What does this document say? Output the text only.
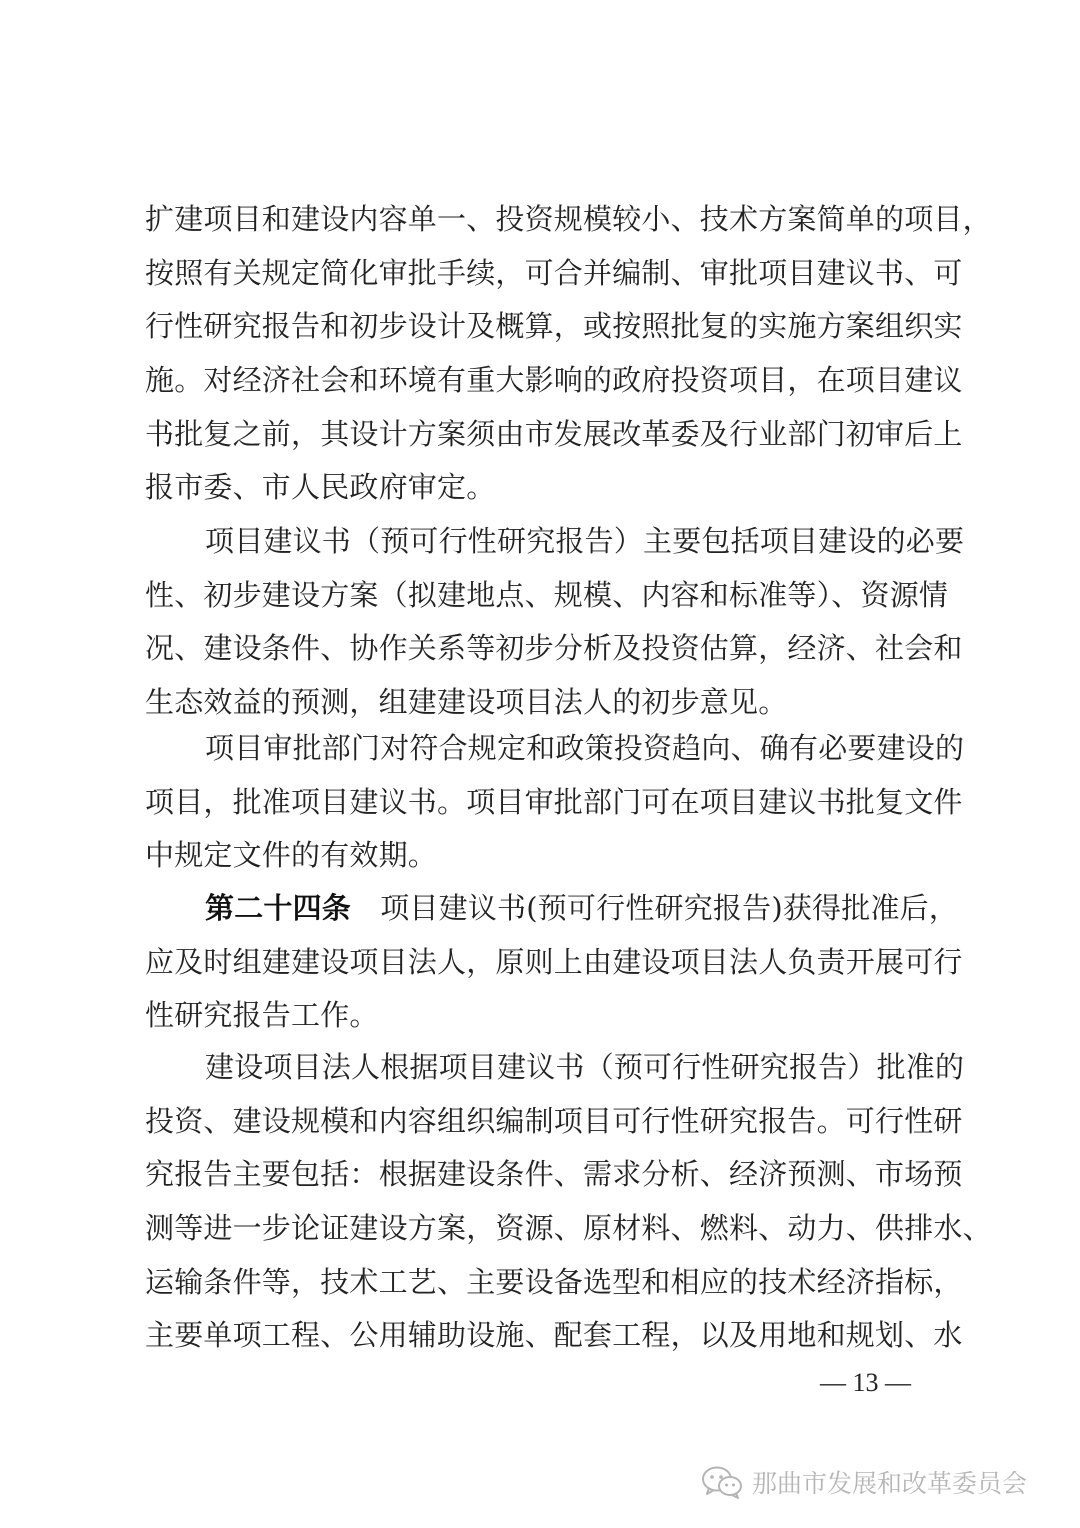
扩建项目和建设内容单一、投资规模较小、技术方案简单的项目，
按照有关规定简化审批手续，可合并编制、审批项目建议书、可
行性研究报告和初步设计及概算，或按照批复的实施方案组织实
施。对经济社会和环境有重大影响的政府投资项目，在项目建议
书批复之前，其设计方案须由市发展改革委及行业部门初审后上
报市委、市人民政府审定。
项目建议书（预可行性研究报告）主要包括项目建设的必要
性、初步建设方案（拟建地点、规模、内容和标准等）、资源情
况、建设条件、协作关系等初步分析及投资估算，经济、社会和
生态效益的预测，组建建设项目法人的初步意见。
项目审批部门对符合规定和政策投资趋向、确有必要建设的
项目，批准项目建议书。项目审批部门可在项目建议书批复文件
中规定文件的有效期。
第二十四条　 项目建议书(预可行性研究报告)获得批准后，
应及时组建建设项目法人，原则上由建设项目法人负责开展可行
性研究报告工作。
建设项目法人根据项目建议书（预可行性研究报告）批准的
投资、建设规模和内容组织编制项目可行性研究报告。可行性研
究报告主要包括：根据建设条件、需求分析、经济预测、市场预
测等进一步论证建设方案，资源、原材料、燃料、动力、供排水、
运输条件等，技术工艺、主要设备选型和相应的技术经济指标，
主要单项工程、公用辅助设施、配套工程，以及用地和规划、水
— 13 —
那曲市发展和改革委员会
